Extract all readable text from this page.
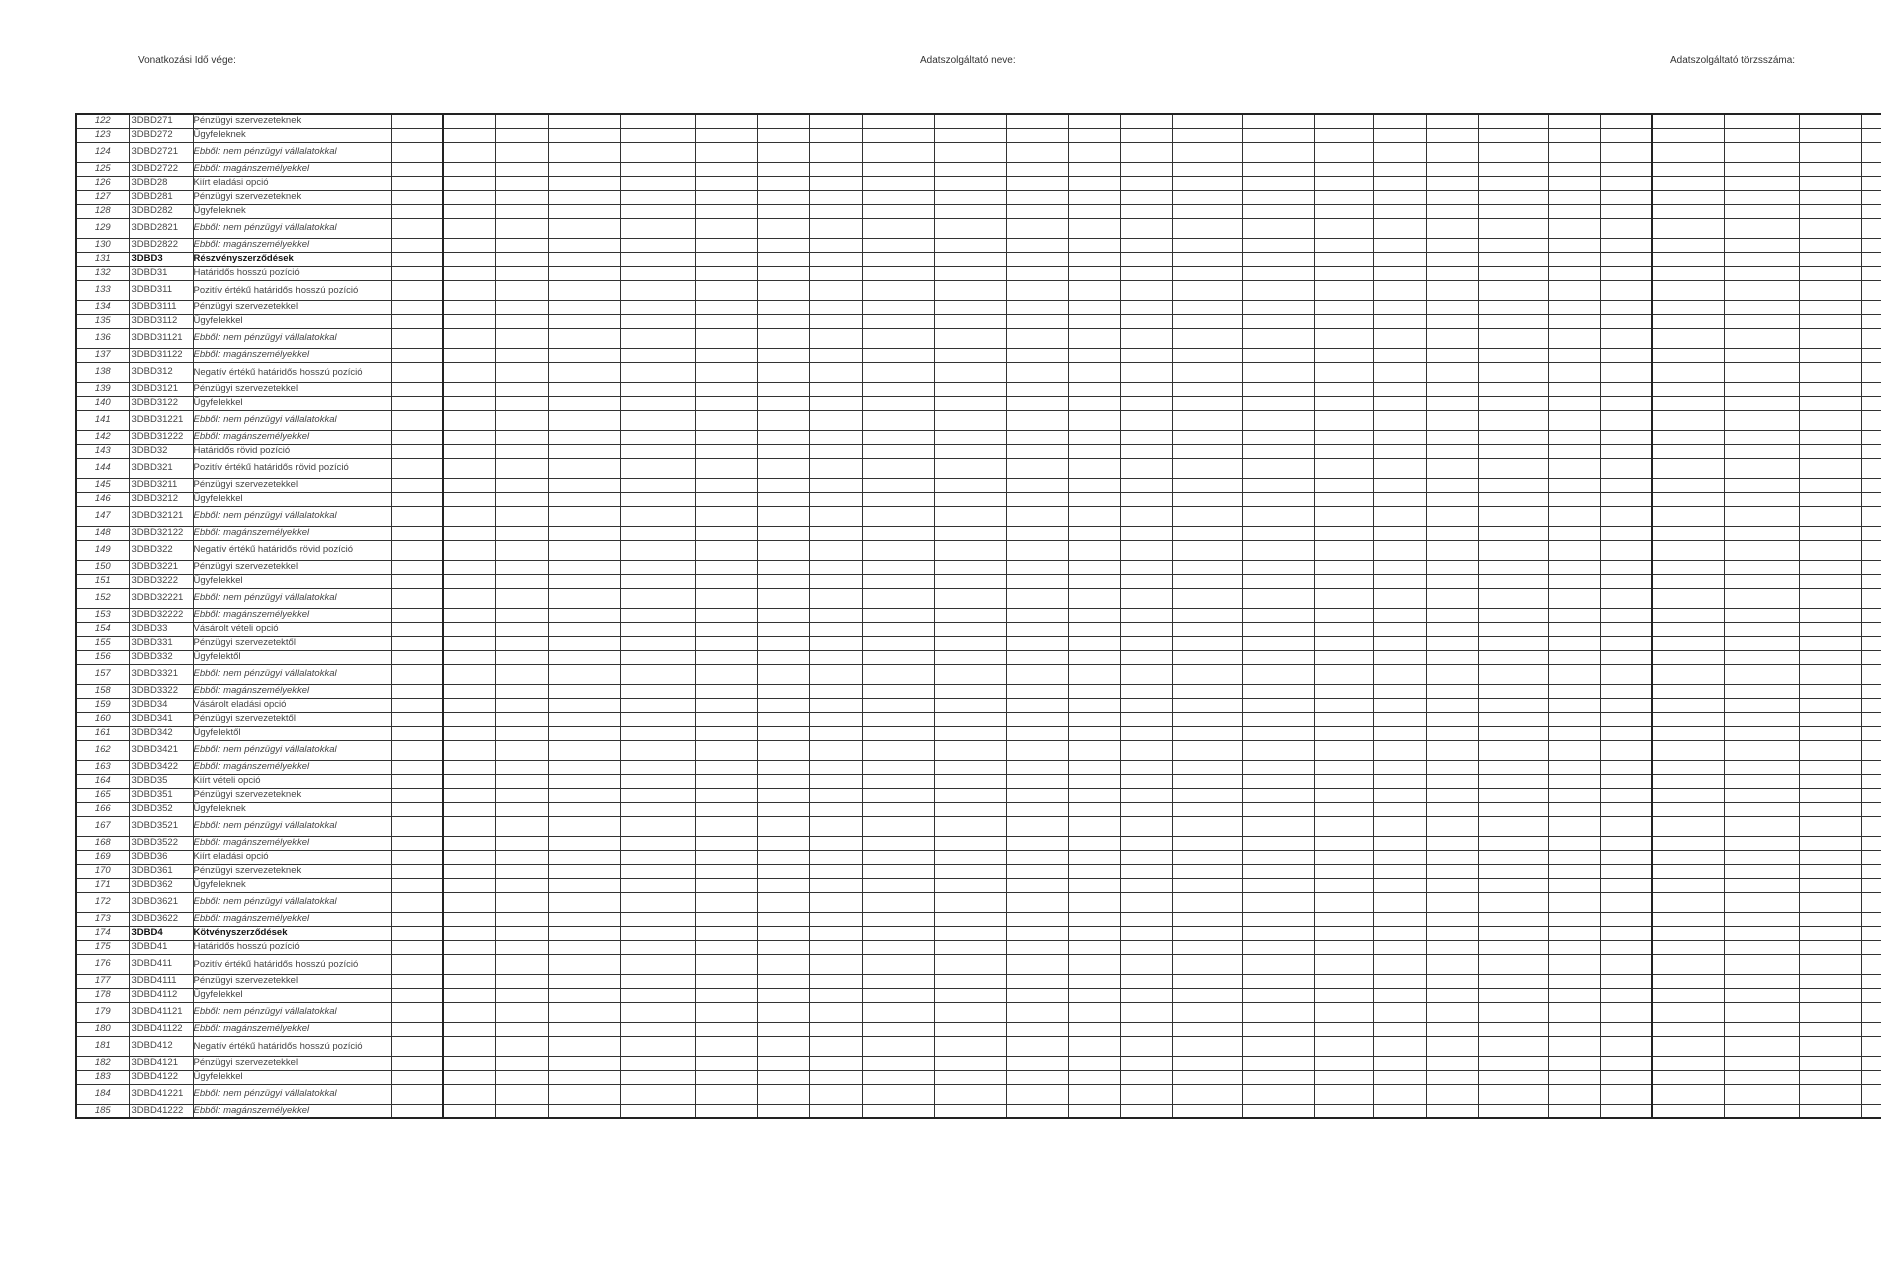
Vonatkozási Idő vége:	Adatszolgáltató neve:	Adatszolgáltató törzsszáma:
122	3DBD271	Pénzügyi szervezeteknek																												
123	3DBD272	Ügyfeleknek																												
124	3DBD2721	Ebből: nem pénzügyi vállalatokkal																												
125	3DBD2722	Ebből: magánszemélyekkel																												
126	3DBD28	Kiírt eladási opció																												
127	3DBD281	Pénzügyi szervezeteknek																												
128	3DBD282	Ügyfeleknek																												
129	3DBD2821	Ebből: nem pénzügyi vállalatokkal																												
130	3DBD2822	Ebből: magánszemélyekkel																												
131	3DBD3	Részvényszerződések																												
132	3DBD31	Határidős hosszú pozíció																												
133	3DBD311	Pozitív értékű határidős hosszú pozíció																												
134	3DBD3111	Pénzügyi szervezetekkel																												
135	3DBD3112	Ügyfelekkel																												
136	3DBD31121	Ebből: nem pénzügyi vállalatokkal																												
137	3DBD31122	Ebből: magánszemélyekkel																												
138	3DBD312	Negatív értékű határidős hosszú pozíció																												
139	3DBD3121	Pénzügyi szervezetekkel																												
140	3DBD3122	Ügyfelekkel																												
141	3DBD31221	Ebből: nem pénzügyi vállalatokkal																												
142	3DBD31222	Ebből: magánszemélyekkel																												
143	3DBD32	Határidős rövid pozíció																												
144	3DBD321	Pozitív értékű határidős rövid pozíció																												
145	3DBD3211	Pénzügyi szervezetekkel																												
146	3DBD3212	Ügyfelekkel																												
147	3DBD32121	Ebből: nem pénzügyi vállalatokkal																												
148	3DBD32122	Ebből: magánszemélyekkel																												
149	3DBD322	Negatív értékű határidős rövid pozíció																												
150	3DBD3221	Pénzügyi szervezetekkel																												
151	3DBD3222	Ügyfelekkel																												
152	3DBD32221	Ebből: nem pénzügyi vállalatokkal																												
153	3DBD32222	Ebből: magánszemélyekkel																												
154	3DBD33	Vásárolt vételi opció																												
155	3DBD331	Pénzügyi szervezetektől																												
156	3DBD332	Ügyfelektől																												
157	3DBD3321	Ebből: nem pénzügyi vállalatokkal																												
158	3DBD3322	Ebből: magánszemélyekkel																												
159	3DBD34	Vásárolt eladási opció																												
160	3DBD341	Pénzügyi szervezetektől																												
161	3DBD342	Ügyfelektől																												
162	3DBD3421	Ebből: nem pénzügyi vállalatokkal																												
163	3DBD3422	Ebből: magánszemélyekkel																												
164	3DBD35	Kiírt vételi opció																												
165	3DBD351	Pénzügyi szervezeteknek																												
166	3DBD352	Ügyfeleknek																												
167	3DBD3521	Ebből: nem pénzügyi vállalatokkal																												
168	3DBD3522	Ebből: magánszemélyekkel																												
169	3DBD36	Kiírt eladási opció																												
170	3DBD361	Pénzügyi szervezeteknek																												
171	3DBD362	Ügyfeleknek																												
172	3DBD3621	Ebből: nem pénzügyi vállalatokkal																												
173	3DBD3622	Ebből: magánszemélyekkel																												
174	3DBD4	Kötvényszerződések																												
175	3DBD41	Határidős hosszú pozíció																												
176	3DBD411	Pozitív értékű határidős hosszú pozíció																												
177	3DBD4111	Pénzügyi szervezetekkel																												
178	3DBD4112	Ügyfelekkel																												
179	3DBD41121	Ebből: nem pénzügyi vállalatokkal																												
180	3DBD41122	Ebből: magánszemélyekkel																												
181	3DBD412	Negatív értékű határidős hosszú pozíció																												
182	3DBD4121	Pénzügyi szervezetekkel																												
183	3DBD4122	Ügyfelekkel																												
184	3DBD41221	Ebből: nem pénzügyi vállalatokkal																												
185	3DBD41222	Ebből: magánszemélyekkel																												
